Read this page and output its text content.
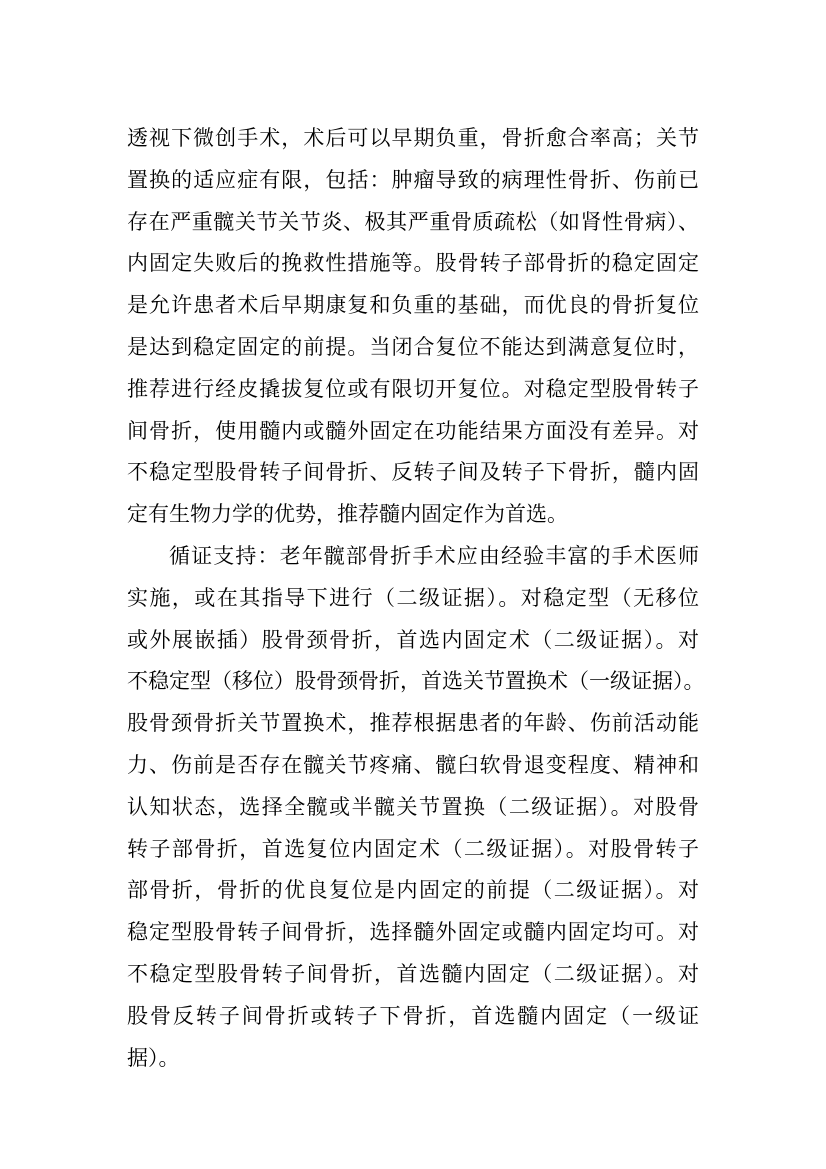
透视下微创手术，术后可以早期负重，骨折愈合率高；关节
置换的适应症有限，包括：肿瘤导致的病理性骨折、伤前已
存在严重髋关节关节炎、极其严重骨质疏松（如肾性骨病）、
内固定失败后的挽救性措施等。股骨转子部骨折的稳定固定
是允许患者术后早期康复和负重的基础，而优良的骨折复位
是达到稳定固定的前提。当闭合复位不能达到满意复位时，
推荐进行经皮撬拔复位或有限切开复位。对稳定型股骨转子
间骨折，使用髓内或髓外固定在功能结果方面没有差异。对
不稳定型股骨转子间骨折、反转子间及转子下骨折，髓内固
定有生物力学的优势，推荐髓内固定作为首选。
循证支持：老年髋部骨折手术应由经验丰富的手术医师
实施，或在其指导下进行（二级证据）。对稳定型（无移位
或外展嵌插）股骨颈骨折，首选内固定术（二级证据）。对
不稳定型（移位）股骨颈骨折，首选关节置换术（一级证据）。
股骨颈骨折关节置换术，推荐根据患者的年龄、伤前活动能
力、伤前是否存在髋关节疼痛、髋臼软骨退变程度、精神和
认知状态，选择全髋或半髋关节置换（二级证据）。对股骨
转子部骨折，首选复位内固定术（二级证据）。对股骨转子
部骨折，骨折的优良复位是内固定的前提（二级证据）。对
稳定型股骨转子间骨折，选择髓外固定或髓内固定均可。对
不稳定型股骨转子间骨折，首选髓内固定（二级证据）。对
股骨反转子间骨折或转子下骨折，首选髓内固定（一级证
据）。
